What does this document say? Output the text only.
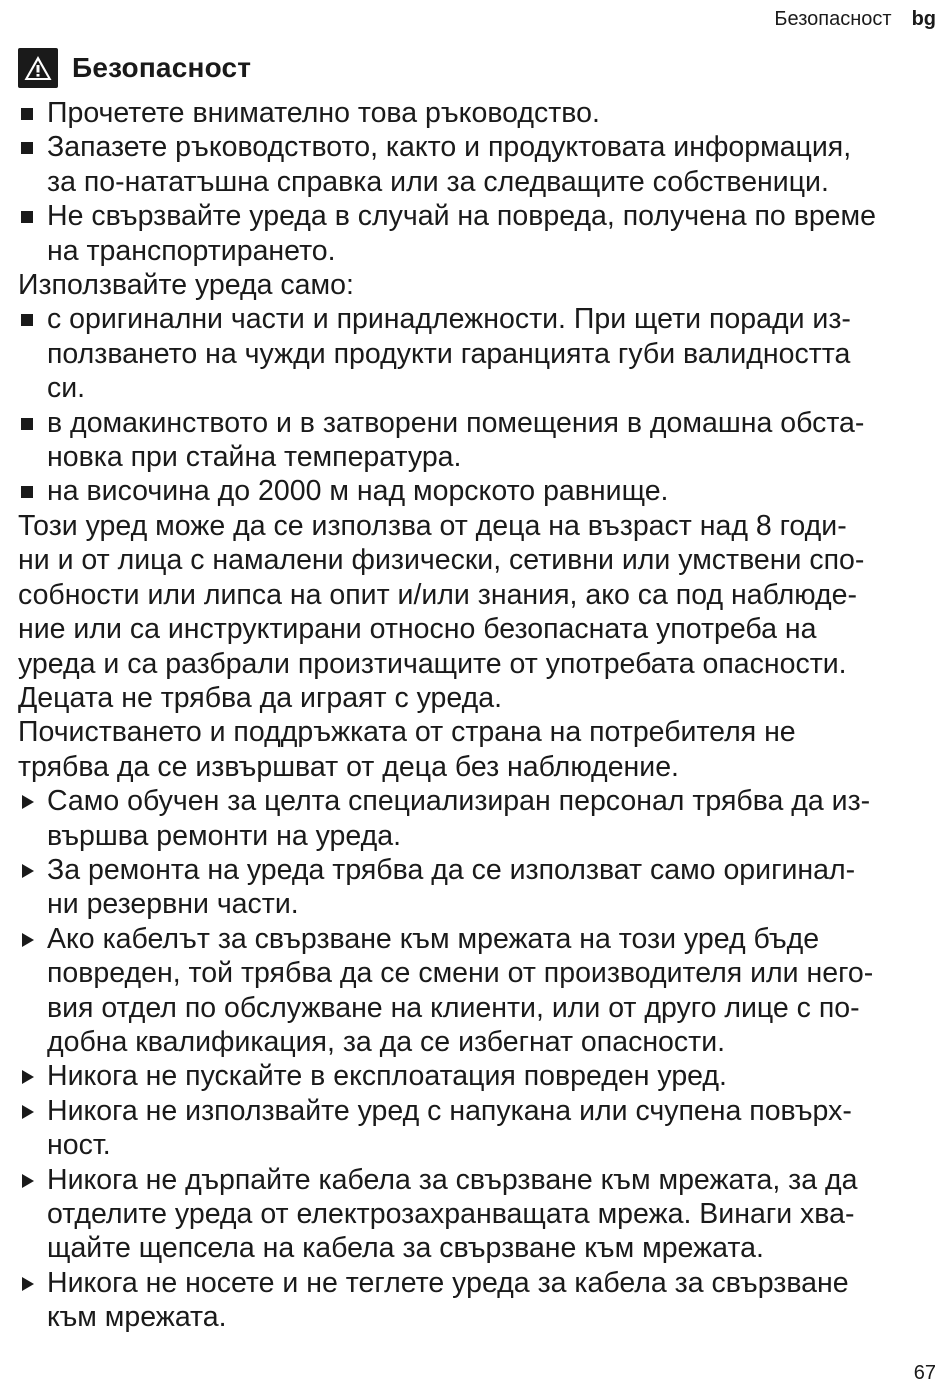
Безопасност bg
Безопасност
Прочетете внимателно това ръководство.
Запазете ръководството, както и продуктовата информация,
за по-нататъшна справка или за следващите собственици.
Не свързвайте уреда в случай на повреда, получена по време
на транспортирането.

Използвайте уреда само:

с оригинални части и принадлежности. При щети поради из-
ползването на чужди продукти гаранцията губи валидността
си.
в домакинството и в затворени помещения в домашна обста-
новка при стайна температура.
на височина до 2000 м над морското равнище.

Този уред може да се използва от деца на възраст над 8 годи-
ни и от лица с намалени физически, сетивни или умствени спо-
собности или липса на опит и/или знания, ако са под наблюде-
ние или са инструктирани относно безопасната употреба на
уреда и са разбрали произтичащите от употребата опасности.
Децата не трябва да играят с уреда.

Почистването и поддръжката от страна на потребителя не
трябва да се извършват от деца без наблюдение.

Само обучен за целта специализиран персонал трябва да из-
вършва ремонти на уреда.
За ремонта на уреда трябва да се използват само оригинал-
ни резервни части.
Ако кабелът за свързване към мрежата на този уред бъде
повреден, той трябва да се смени от производителя или него-
вия отдел по обслужване на клиенти, или от друго лице с по-
добна квалификация, за да се избегнат опасности.
Никога не пускайте в експлоатация повреден уред.
Никога не използвайте уред с напукана или счупена повърх-
ност.
Никога не дърпайте кабела за свързване към мрежата, за да
отделите уреда от електрозахранващата мрежа. Винаги хва-
щайте щепсела на кабела за свързване към мрежата.
Никога не носете и не теглете уреда за кабела за свързване
към мрежата.
67
